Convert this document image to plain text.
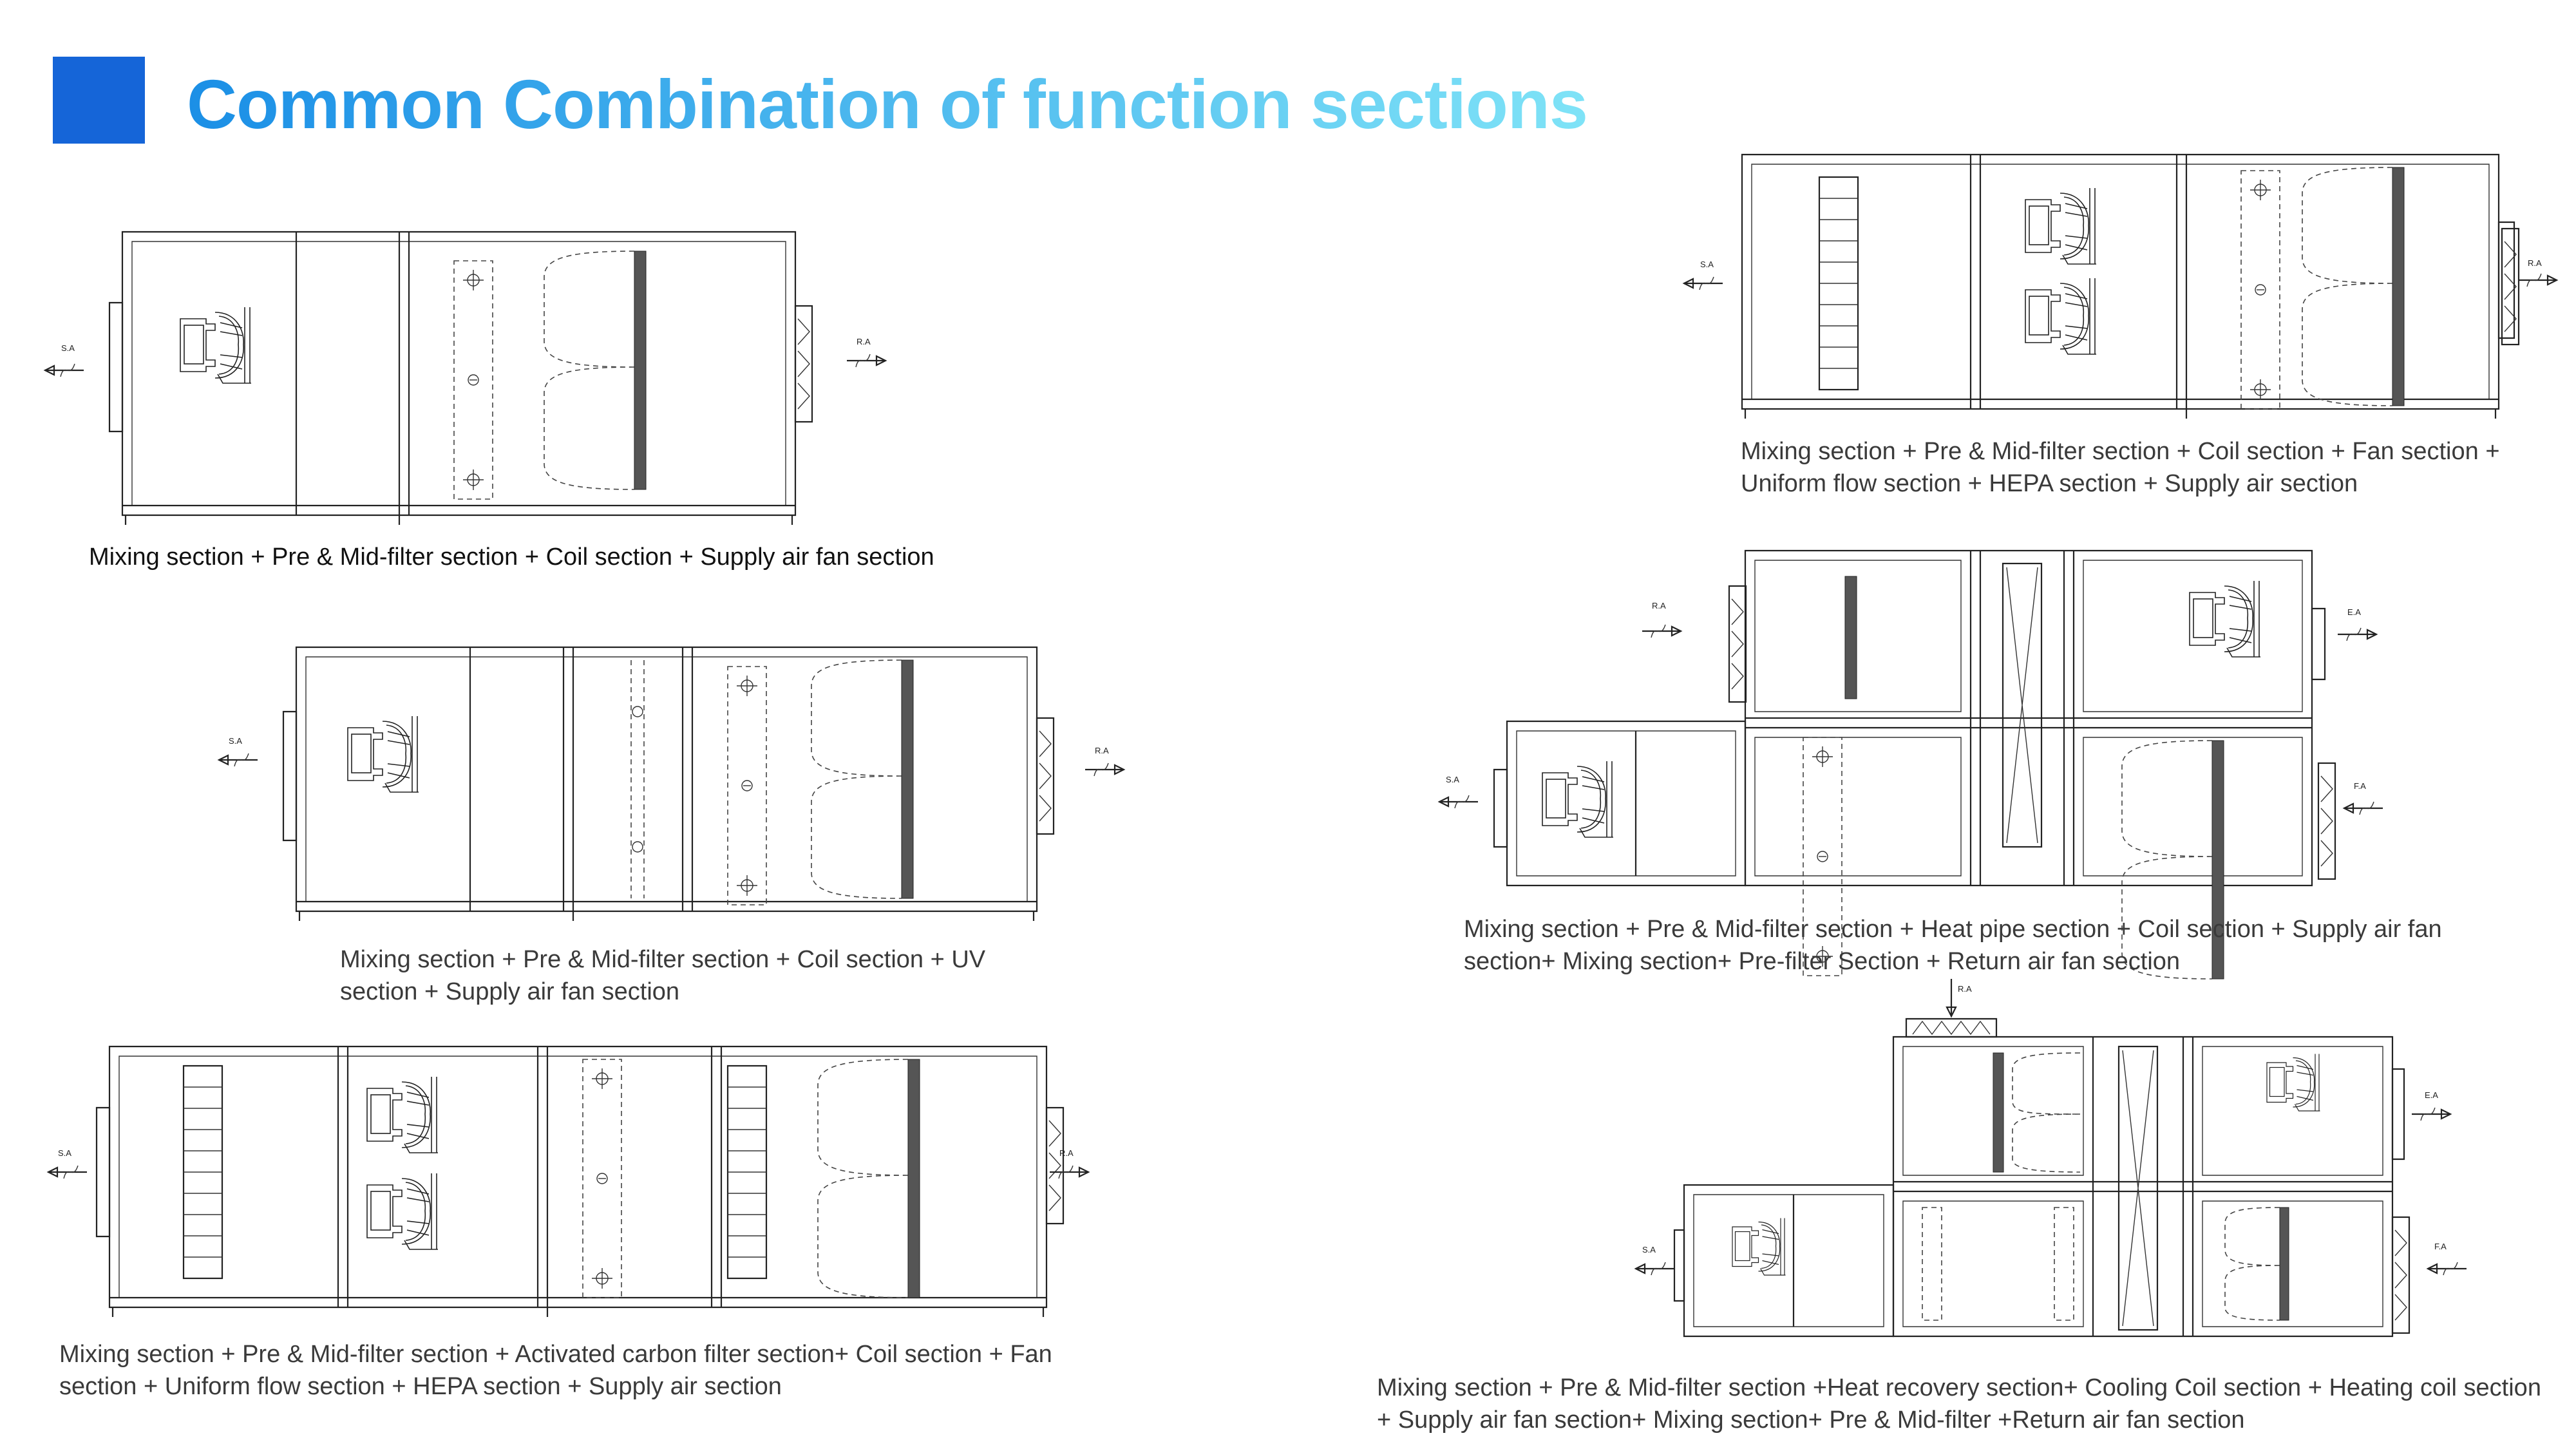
Common Combination of function sections
S.A
R.A
Mixing section + Pre & Mid-filter section + Coil section + Supply air fan section
S.A
R.A
Mixing section + Pre & Mid-filter section + Coil section + UV
section + Supply air fan section
S.A	R.A
Mixing section + Pre & Mid-filter section + Activated carbon filter section+ Coil section + Fan
section + Uniform flow section + HEPA section + Supply air section
S.A	R.A
Mixing section + Pre & Mid-filter section + Coil section + Fan section +
Uniform flow section + HEPA section + Supply air section
S.A
R.A
E.A
F.A
Mixing section + Pre & Mid-filter section + Heat pipe section + Coil section + Supply air fan
section+ Mixing section+ Pre-filter Section + Return air fan section
S.A
R.A
E.A
F.A
Mixing section + Pre & Mid-filter section +Heat recovery section+ Cooling Coil section + Heating coil section
+ Supply air fan section+ Mixing section+ Pre & Mid-filter +Return air fan section
